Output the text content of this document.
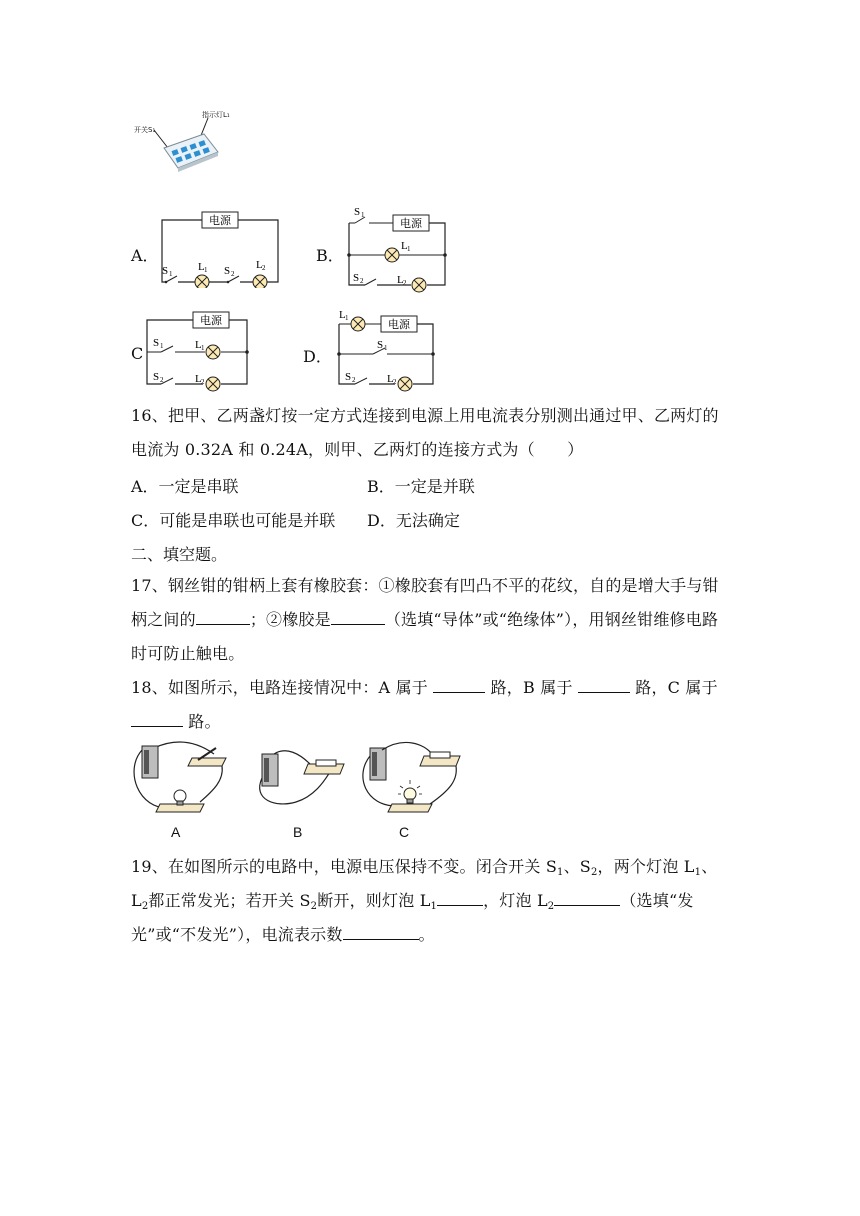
开关S₁
指示灯L₁
A．
电源
S 1
L 1 S 2
L 2
B．
电源
S 1
L 1
S 2	L 2
C
电源
S 1	L 1
S 2	L 2
D．
电源
L 1
S 1
S 2	L 2
16、把甲、乙两盏灯按一定方式连接到电源上用电流表分别测出通过甲、乙两灯的电流为 0.32A 和 0.24A，则甲、乙两灯的连接方式为（　　）
A．一定是串联	B．一定是并联
C．可能是串联也可能是并联 D．无法确定
二、填空题。
17、钢丝钳的钳柄上套有橡胶套：①橡胶套有凹凸不平的花纹，自的是增大手与钳柄之间的	；②橡胶是	（选填“导体”或“绝缘体”），用钢丝钳维修电路时可防止触电。
18、如图所示，电路连接情况中：A 属于	路，B 属于	路，C 属于  路。
A	B	C
19、在如图所示的电路中，电源电压保持不变。闭合开关 $S_1$、$S_2$，两个灯泡 $L_1$、$L_2$都正常发光；若开关 $S_2$断开，则灯泡 $L_1$	，灯泡 $L_2$	（选填“发光”或“不发光”），电流表示数	。
